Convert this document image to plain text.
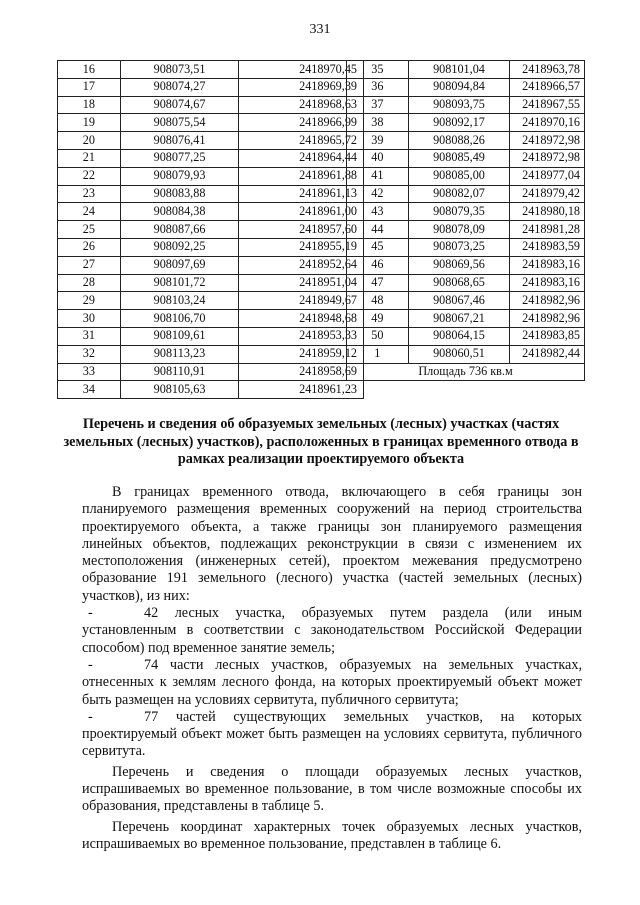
331
16	908073,51	2418970,45
17	908074,27	2418969,39
18	908074,67	2418968,63
19	908075,54	2418966,99
20	908076,41	2418965,72
21	908077,25	2418964,44
22	908079,93	2418961,88
23	908083,88	2418961,13
24	908084,38	2418961,00
25	908087,66	2418957,60
26	908092,25	2418955,19
27	908097,69	2418952,64
28	908101,72	2418951,04
29	908103,24	2418949,67
30	908106,70	2418948,68
31	908109,61	2418953,33
32	908113,23	2418959,12
33	908110,91	2418958,69
34	908105,63	2418961,23
35	908101,04	2418963,78
36	908094,84	2418966,57
37	908093,75	2418967,55
38	908092,17	2418970,16
39	908088,26	2418972,98
40	908085,49	2418972,98
41	908085,00	2418977,04
42	908082,07	2418979,42
43	908079,35	2418980,18
44	908078,09	2418981,28
45	908073,25	2418983,59
46	908069,56	2418983,16
47	908068,65	2418983,16
48	908067,46	2418982,96
49	908067,21	2418982,96
50	908064,15	2418983,85
1	908060,51	2418982,44
Площадь 736 кв.м		
Перечень и сведения об образуемых земельных (лесных) участках (частях земельных (лесных) участков), расположенных в границах временного отвода в рамках реализации проектируемого объекта

В границах временного отвода, включающего в себя границы зон планируемого размещения временных сооружений на период строительства проектируемого объекта, а также границы зон планируемого размещения линейных объектов, подлежащих реконструкции в связи с изменением их местоположения (инженерных сетей), проектом межевания предусмотрено образование 191 земельного (лесного) участка (частей земельных (лесных) участков), из них:

-	42 лесных участка, образуемых путем раздела (или иным установленным в соответствии с законодательством Российской Федерации способом) под временное занятие земель;

-	74 части лесных участков, образуемых на земельных участках, отнесенных к землям лесного фонда, на которых проектируемый объект может быть размещен на условиях сервитута, публичного сервитута;

-	77 частей существующих земельных участков, на которых проектируемый объект может быть размещен на условиях сервитута, публичного сервитута.

Перечень и сведения о площади образуемых лесных участков, испрашиваемых во временное пользование, в том числе возможные способы их образования, представлены в таблице 5.

Перечень координат характерных точек образуемых лесных участков, испрашиваемых во временное пользование, представлен в таблице 6.
